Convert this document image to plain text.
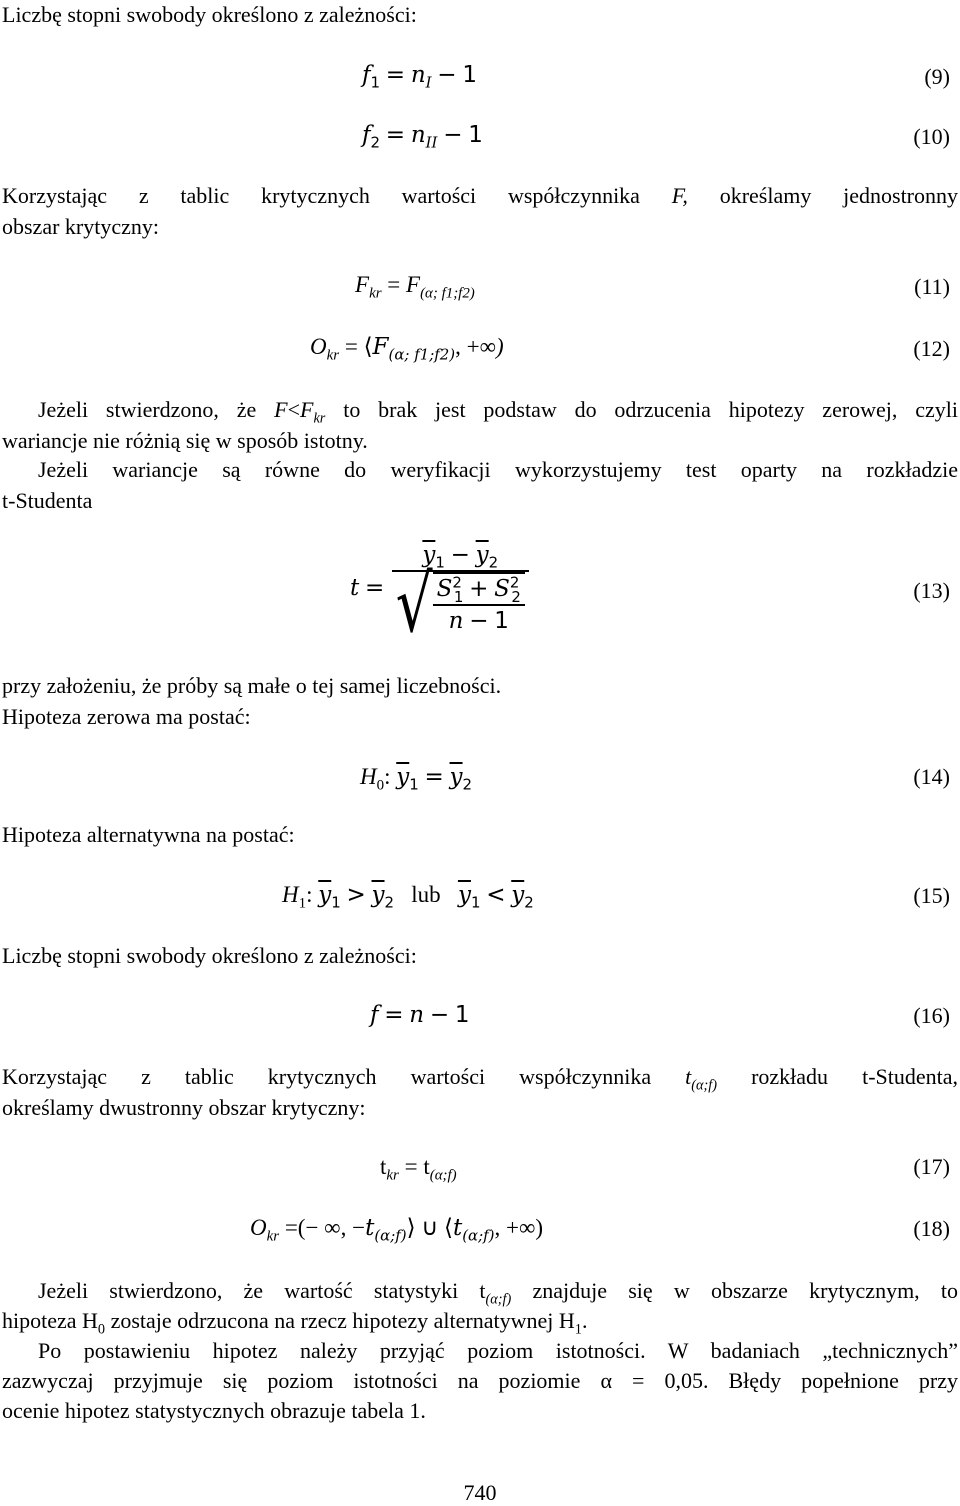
Liczbę stopni swobody określono z zależności:
$f_1 = n_I - 1$	(9)
$f_2 = n_{II} - 1$	(10)
Korzystając z tablic krytycznych wartości współczynnika F, określamy jednostronny
obszar krytyczny:
$F_{kr} = F_{(\alpha; f1;f2)}$	(11)
$O_{kr}$ = $⟨F_{(\alpha; f1;f2)}$, +∞)	(12)
Jeżeli stwierdzono, że $F<F_{kr}$ to brak jest podstaw do odrzucenia hipotezy zerowej, czyli
wariancje nie różnią się w sposób istotny.
Jeżeli wariancje są równe do weryfikacji wykorzystujemy test oparty na rozkładzie
t-Studenta
$t = \frac{\overline{y}_1 - \overline{y}_2}{√ \frac{S^2_1 + S^2_2}{n - 1}}$	(13)
przy założeniu, że próby są małe o tej samej liczebności.
Hipoteza zerowa ma postać:
$H_0$: $\overline{y}_1 = \overline{y}_2$	(14)
Hipoteza alternatywna na postać:
$H_1$: $\overline{y}_1 > \overline{y}_2$ lub $\overline{y}_1 < \overline{y}_2$	(15)
Liczbę stopni swobody określono z zależności:
f = n − 1	(16)
Korzystając z tablic krytycznych wartości współczynnika $t_{(\alpha;f)}$ rozkładu t-Studenta,
określamy dwustronny obszar krytyczny:
$t_{kr} = t_{(\alpha;f)}$	(17)
$O_{kr}$ =(− ∞, $-t_{(\alpha;f)}⟩$ ∪ $⟨t_{(\alpha;f)}$, +∞)	(18)
Jeżeli stwierdzono, że wartość statystyki $t_{(\alpha;f)}$ znajduje się w obszarze krytycznym, to
hipoteza $H_0$ zostaje odrzucona na rzecz hipotezy alternatywnej $H_1$.
Po postawieniu hipotez należy przyjąć poziom istotności. W badaniach „technicznych”
zazwyczaj przyjmuje się poziom istotności na poziomie α = 0,05. Błędy popełnione przy
ocenie hipotez statystycznych obrazuje tabela 1.
740
